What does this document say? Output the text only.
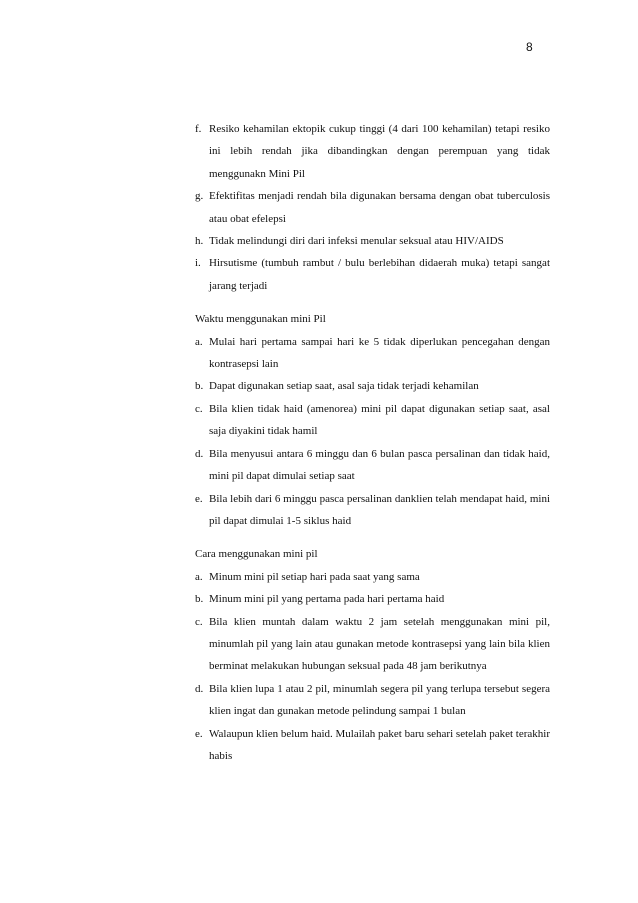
8
f. Resiko kehamilan ektopik cukup tinggi (4 dari 100 kehamilan) tetapi resiko ini lebih rendah jika dibandingkan dengan perempuan yang tidak menggunakn Mini Pil
g. Efektifitas menjadi rendah bila digunakan bersama dengan obat tuberculosis atau obat efelepsi
h. Tidak melindungi diri dari infeksi menular seksual atau HIV/AIDS
i. Hirsutisme (tumbuh rambut / bulu berlebihan didaerah muka) tetapi sangat jarang terjadi
Waktu menggunakan mini Pil
a. Mulai hari pertama sampai hari ke 5 tidak diperlukan pencegahan dengan kontrasepsi lain
b. Dapat digunakan setiap saat, asal saja tidak terjadi kehamilan
c. Bila klien tidak haid (amenorea) mini pil dapat digunakan setiap saat, asal saja diyakini tidak hamil
d. Bila menyusui antara 6 minggu dan 6 bulan pasca persalinan dan tidak haid, mini pil dapat dimulai setiap saat
e. Bila lebih dari 6 minggu pasca persalinan danklien telah mendapat haid, mini pil dapat dimulai 1-5 siklus haid
Cara menggunakan mini pil
a. Minum mini pil setiap hari pada saat yang sama
b. Minum mini pil yang pertama pada hari pertama haid
c. Bila klien muntah dalam waktu 2 jam setelah menggunakan mini pil, minumlah pil yang lain atau gunakan metode kontrasepsi yang lain bila klien berminat melakukan hubungan seksual pada 48 jam berikutnya
d. Bila klien lupa 1 atau 2 pil, minumlah segera pil yang terlupa tersebut segera klien ingat dan gunakan metode pelindung sampai 1 bulan
e. Walaupun klien belum haid. Mulailah paket baru sehari setelah paket terakhir habis
